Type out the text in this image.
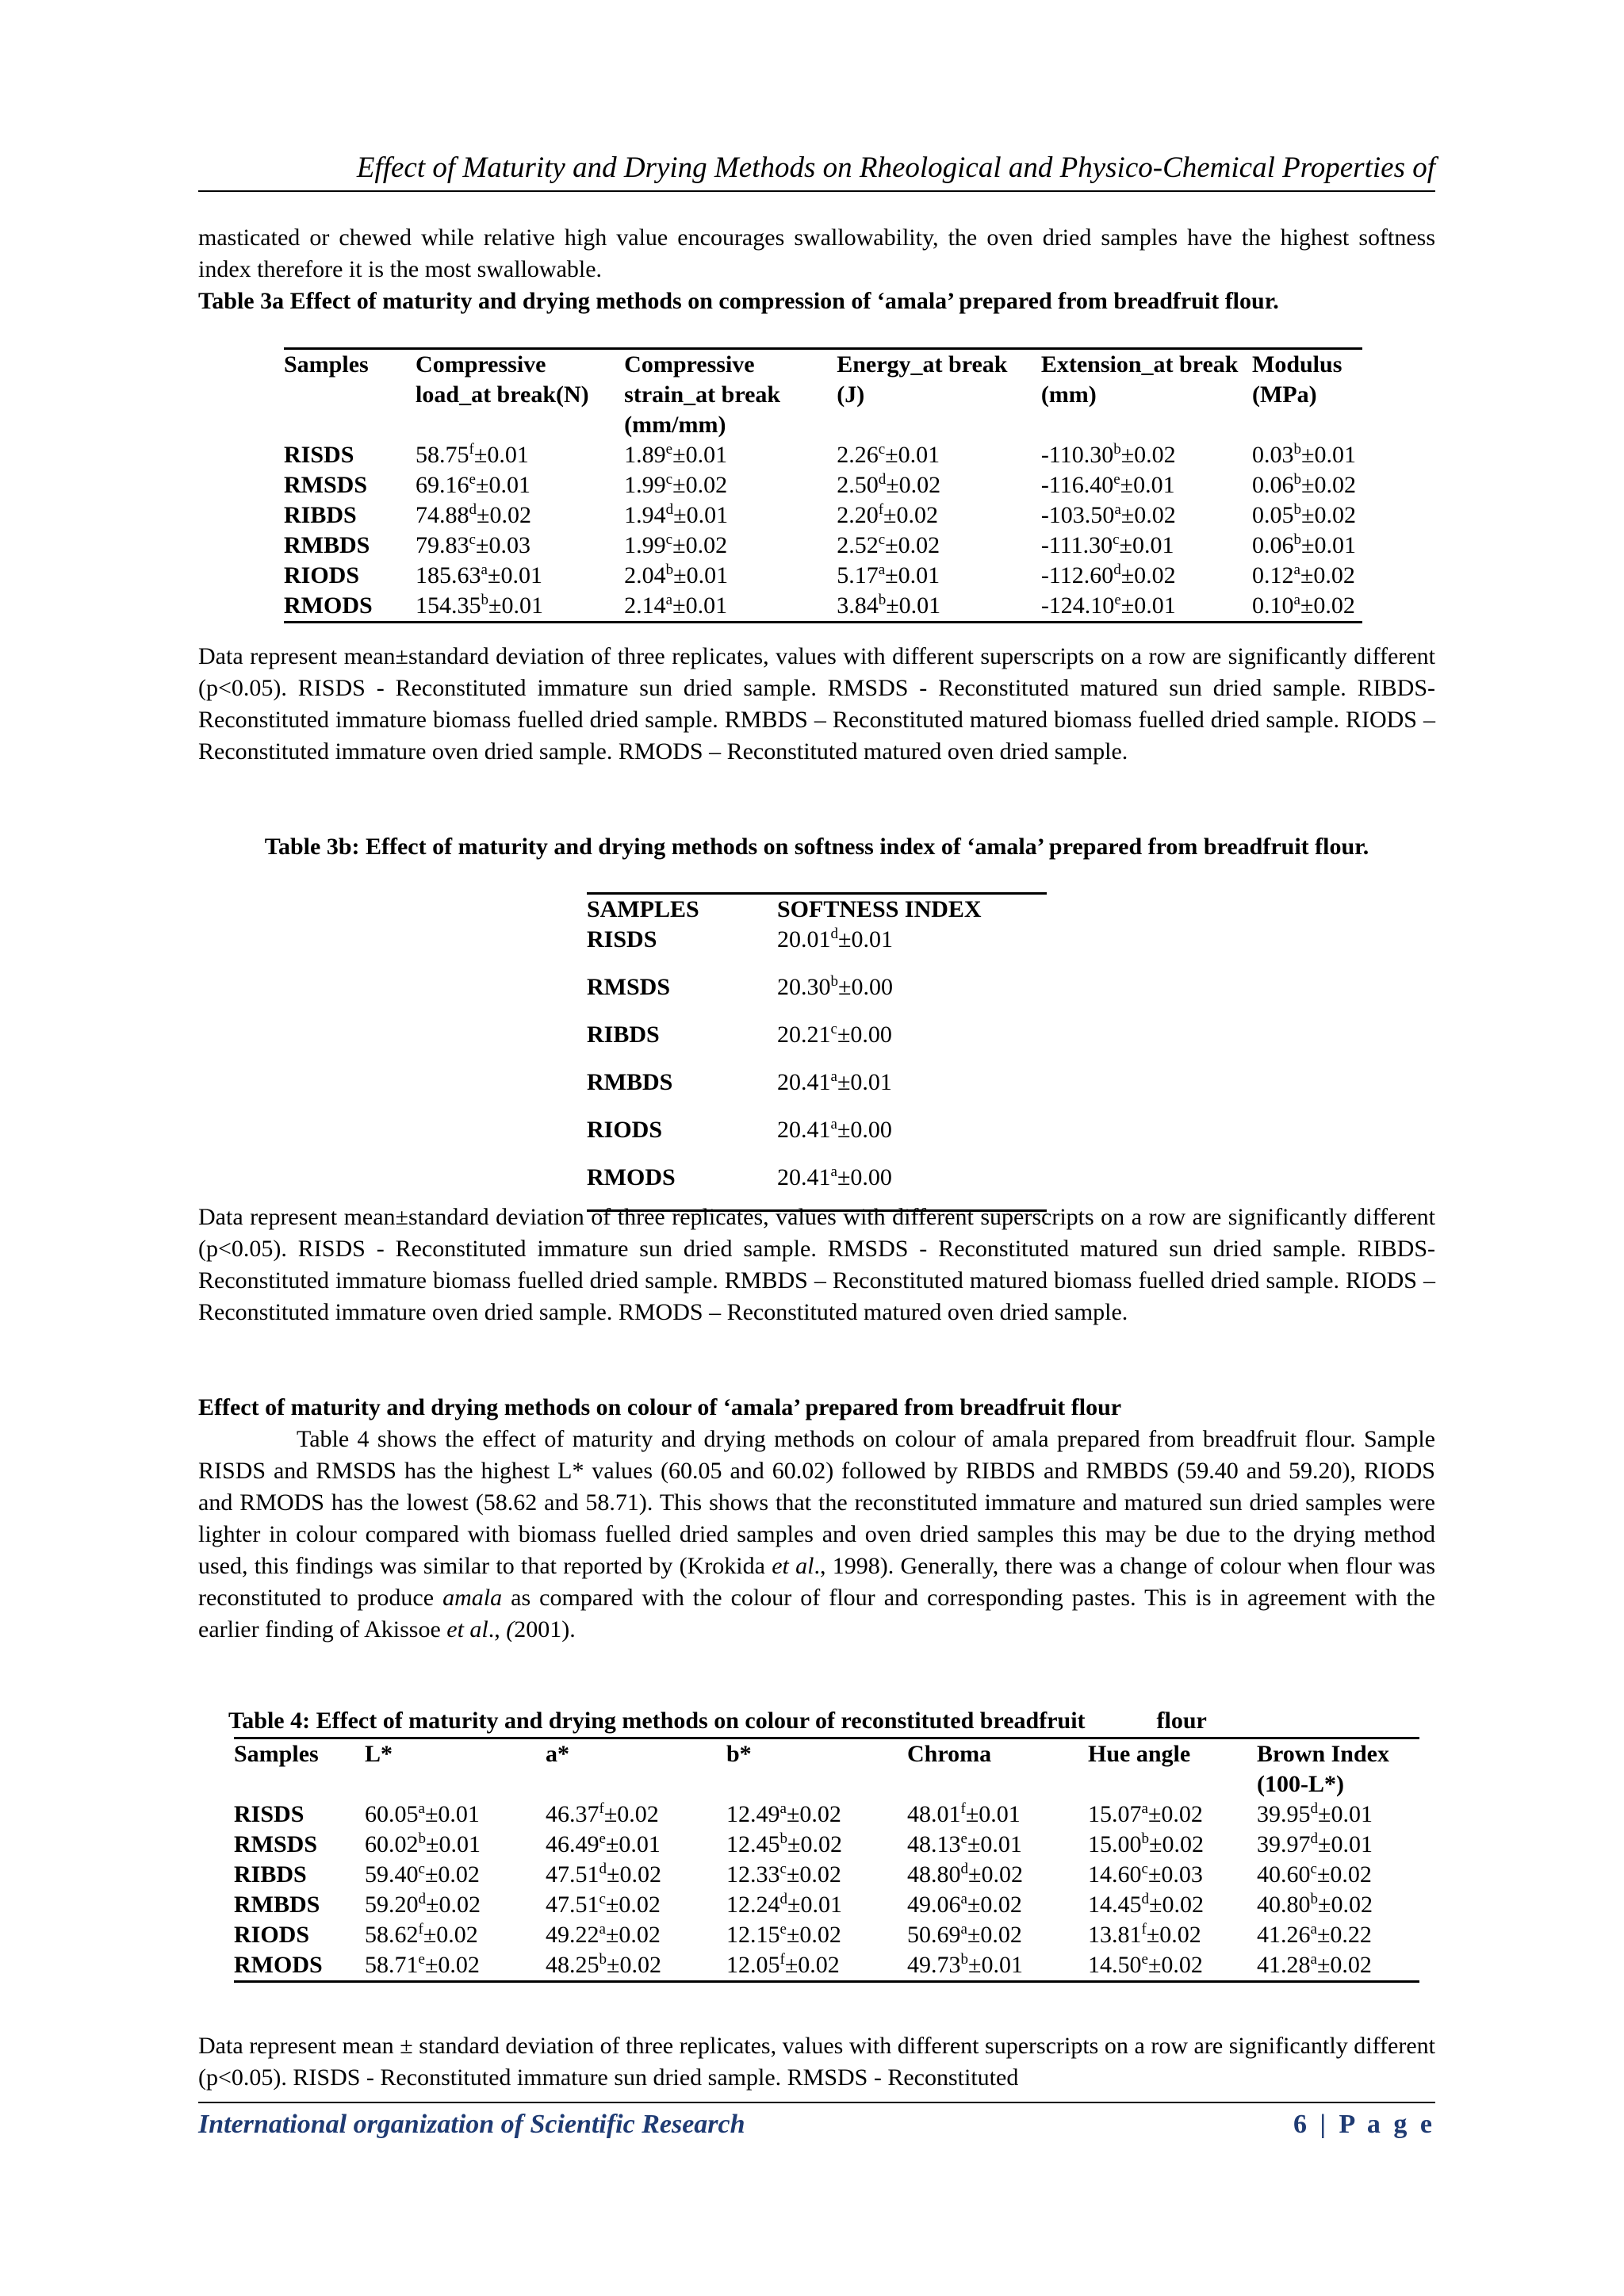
Effect of Maturity and Drying Methods on Rheological and Physico-Chemical Properties of

masticated or chewed while relative high value encourages swallowability, the oven dried samples have the highest softness index therefore it is the most swallowable.

Table 3a Effect of maturity and drying methods on compression of ‘amala’ prepared from breadfruit flour.

Samples	Compressive load_at break(N)	Compressive strain_at break (mm/mm)	Energy_at break (J)	Extension_at break (mm)	Modulus (MPa)
RISDS	58.75$^f$±0.01	1.89$^e$±0.01	2.26$^c$±0.01	-110.30$^b$±0.02	0.03$^b$±0.01
RMSDS	69.16$^e$±0.01	1.99$^c$±0.02	2.50$^d$±0.02	-116.40$^e$±0.01	0.06$^b$±0.02
RIBDS	74.88$^d$±0.02	1.94$^d$±0.01	2.20$^f$±0.02	-103.50$^a$±0.02	0.05$^b$±0.02
RMBDS	79.83$^c$±0.03	1.99$^c$±0.02	2.52$^c$±0.02	-111.30$^c$±0.01	0.06$^b$±0.01
RIODS	185.63$^a$±0.01	2.04$^b$±0.01	5.17$^a$±0.01	-112.60$^d$±0.02	0.12$^a$±0.02
RMODS	154.35$^b$±0.01	2.14$^a$±0.01	3.84$^b$±0.01	-124.10$^e$±0.01	0.10$^a$±0.02

Data represent mean±standard deviation of three replicates, values with different superscripts on a row are significantly different (p<0.05). RISDS - Reconstituted immature sun dried sample. RMSDS - Reconstituted matured sun dried sample. RIBDS- Reconstituted immature biomass fuelled dried sample. RMBDS – Reconstituted matured biomass fuelled dried sample. RIODS – Reconstituted immature oven dried sample. RMODS – Reconstituted matured oven dried sample.

Table 3b: Effect of maturity and drying methods on softness index of ‘amala’ prepared from breadfruit flour.

SAMPLES	SOFTNESS INDEX
RISDS	20.01$^d$±0.01
RMSDS	20.30$^b$±0.00
RIBDS	20.21$^c$±0.00
RMBDS	20.41$^a$±0.01
RIODS	20.41$^a$±0.00
RMODS	20.41$^a$±0.00

Data represent mean±standard deviation of three replicates, values with different superscripts on a row are significantly different (p<0.05). RISDS - Reconstituted immature sun dried sample. RMSDS - Reconstituted matured sun dried sample. RIBDS- Reconstituted immature biomass fuelled dried sample. RMBDS – Reconstituted matured biomass fuelled dried sample. RIODS – Reconstituted immature oven dried sample. RMODS – Reconstituted matured oven dried sample.

Effect of maturity and drying methods on colour of ‘amala’ prepared from breadfruit flour

Table 4 shows the effect of maturity and drying methods on colour of amala prepared from breadfruit flour. Sample RISDS and RMSDS has the highest L* values (60.05 and 60.02) followed by RIBDS and RMBDS (59.40 and 59.20), RIODS and RMODS has the lowest (58.62 and 58.71). This shows that the reconstituted immature and matured sun dried samples were lighter in colour compared with biomass fuelled dried samples and oven dried samples this may be due to the drying method used, this findings was similar to that reported by (Krokida et al., 1998). Generally, there was a change of colour when flour was reconstituted to produce amala as compared with the colour of flour and corresponding pastes. This is in agreement with the earlier finding of Akissoe et al., (2001).

Table 4: Effect of maturity and drying methods on colour of reconstituted breadfruit            flour

Samples	L*	a*	b*	Chroma	Hue angle	Brown Index (100-L*)
RISDS	60.05$^a$±0.01	46.37$^f$±0.02	12.49$^a$±0.02	48.01$^f$±0.01	15.07$^a$±0.02	39.95$^d$±0.01
RMSDS	60.02$^b$±0.01	46.49$^e$±0.01	12.45$^b$±0.02	48.13$^e$±0.01	15.00$^b$±0.02	39.97$^d$±0.01
RIBDS	59.40$^c$±0.02	47.51$^d$±0.02	12.33$^c$±0.02	48.80$^d$±0.02	14.60$^c$±0.03	40.60$^c$±0.02
RMBDS	59.20$^d$±0.02	47.51$^c$±0.02	12.24$^d$±0.01	49.06$^a$±0.02	14.45$^d$±0.02	40.80$^b$±0.02
RIODS	58.62$^f$±0.02	49.22$^a$±0.02	12.15$^e$±0.02	50.69$^a$±0.02	13.81$^f$±0.02	41.26$^a$±0.22
RMODS	58.71$^e$±0.02	48.25$^b$±0.02	12.05$^f$±0.02	49.73$^b$±0.01	14.50$^e$±0.02	41.28$^a$±0.02

Data represent mean ± standard deviation of three replicates, values with different superscripts on a row are significantly different (p<0.05). RISDS - Reconstituted immature sun dried sample. RMSDS - Reconstituted

International organization of Scientific Research	6 | P a g e
